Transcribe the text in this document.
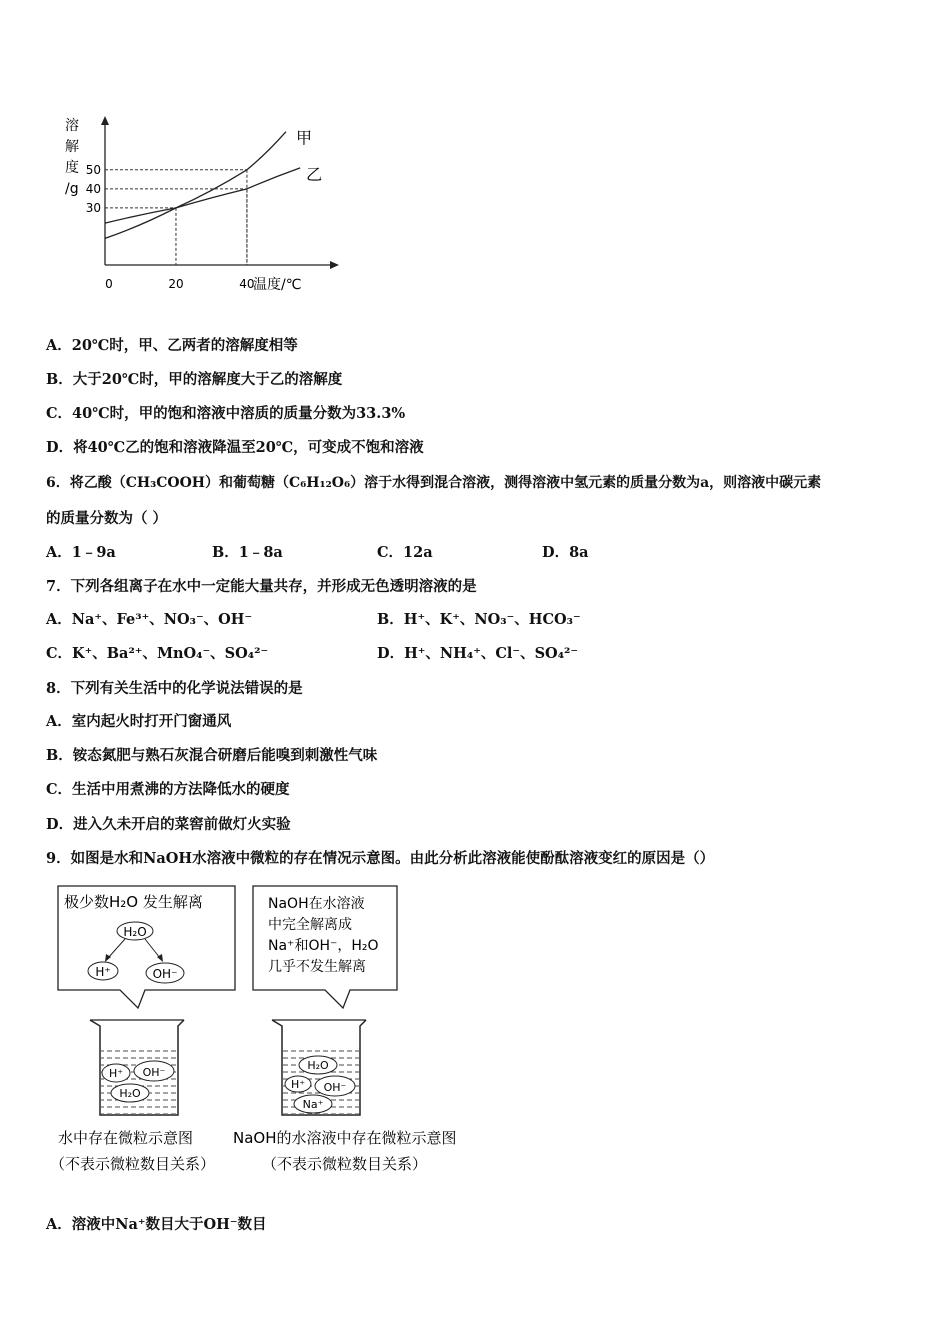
溶
解
度
/g
温度/℃
0	20	40
30
40
50
甲
乙
A．20℃时，甲、乙两者的溶解度相等
B．大于20℃时，甲的溶解度大于乙的溶解度
C．40℃时，甲的饱和溶液中溶质的质量分数为33.3%
D．将40℃乙的饱和溶液降温至20℃，可变成不饱和溶液
6．将乙酸（CH₃COOH）和葡萄糖（C₆H₁₂O₆）溶于水得到混合溶液，测得溶液中氢元素的质量分数为a，则溶液中碳元素
的质量分数为（ ）
A．1﹣9a	B．1﹣8a	C．12a	D．8a
7．下列各组离子在水中一定能大量共存，并形成无色透明溶液的是
A．Na⁺、Fe³⁺、NO₃⁻、OH⁻	B．H⁺、K⁺、NO₃⁻、HCO₃⁻
C．K⁺、Ba²⁺、MnO₄⁻、SO₄²⁻	D．H⁺、NH₄⁺、Cl⁻、SO₄²⁻
8．下列有关生活中的化学说法错误的是
A．室内起火时打开门窗通风
B．铵态氮肥与熟石灰混合研磨后能嗅到刺激性气味
C．生活中用煮沸的方法降低水的硬度
D．进入久未开启的菜窖前做灯火实验
9．如图是水和NaOH水溶液中微粒的存在情况示意图。由此分析此溶液能使酚酞溶液变红的原因是（）
极少数H₂O 发生解离
H₂O
H⁺	OH⁻
NaOH在水溶液
中完全解离成
Na⁺和OH⁻，H₂O
几乎不发生解离
H⁺ OH⁻
H₂O
H₂O
H⁺ OH⁻
Na⁺
水中存在微粒示意图
（不表示微粒数目关系）
NaOH的水溶液中存在微粒示意图
（不表示微粒数目关系）
A．溶液中Na⁺数目大于OH⁻数目
